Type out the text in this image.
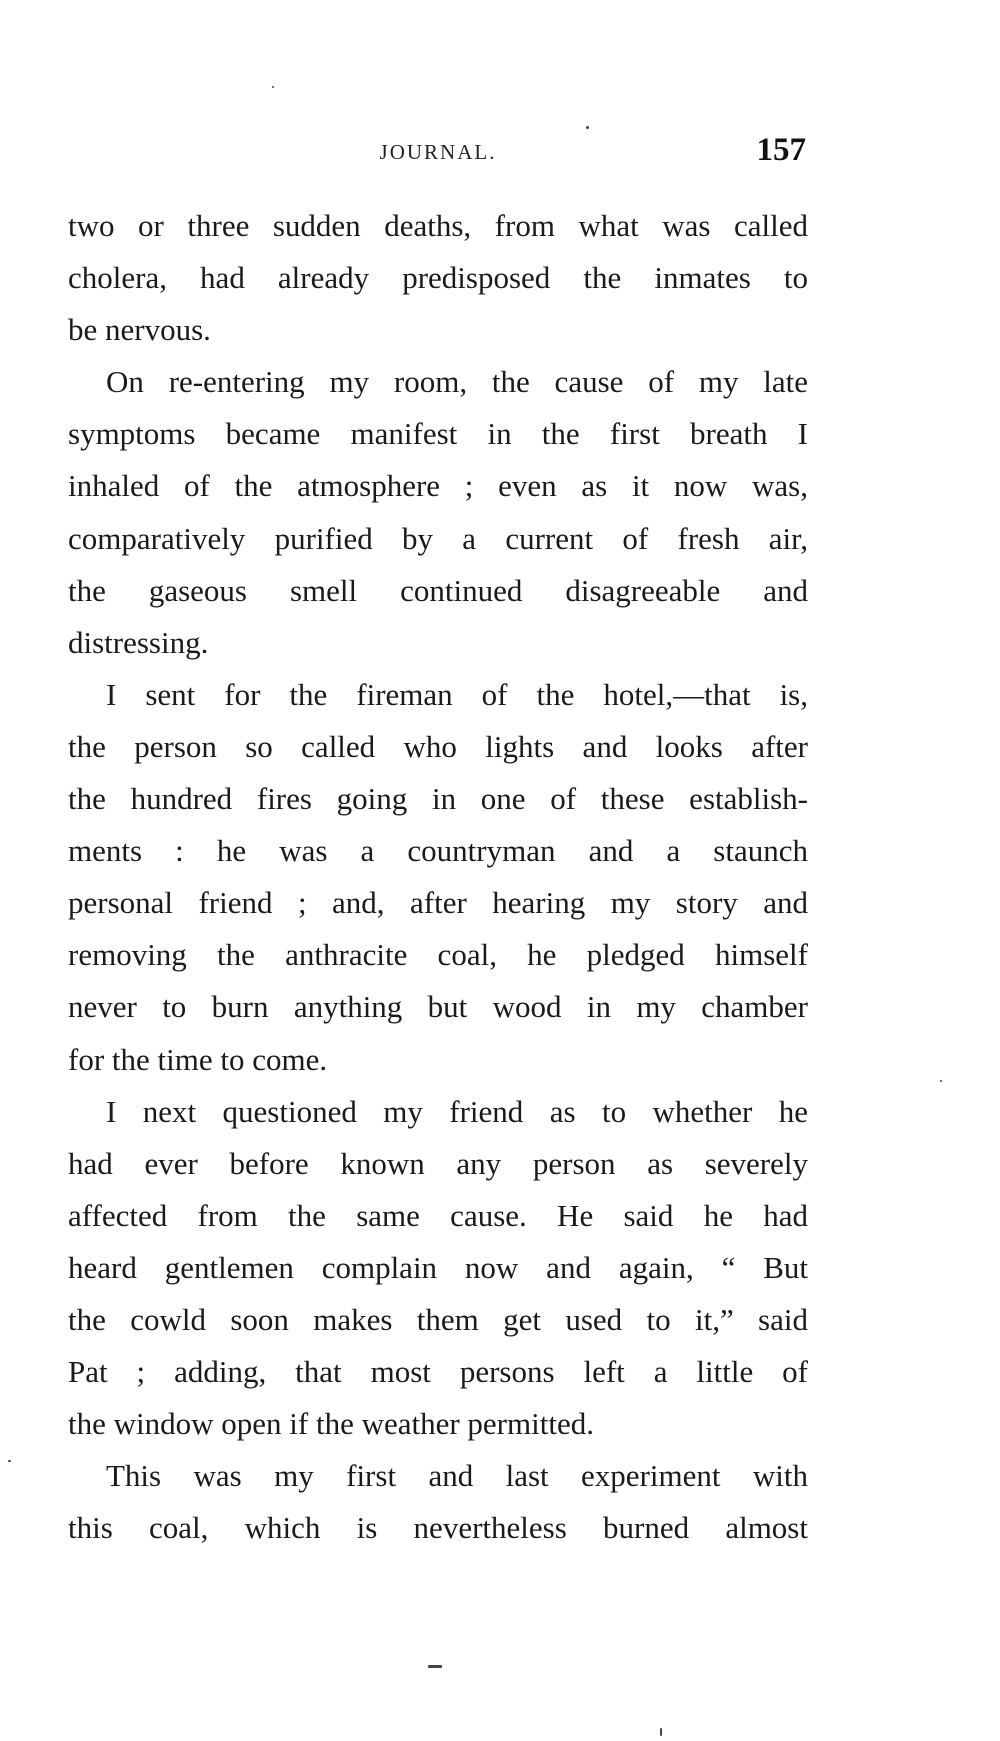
JOURNAL.	157
two or three sudden deaths, from what was called
cholera, had already predisposed the inmates to
be nervous.
On re-entering my room, the cause of my late
symptoms became manifest in the first breath I
inhaled of the atmosphere ; even as it now was,
comparatively purified by a current of fresh air,
the gaseous smell continued disagreeable and
distressing.
I sent for the fireman of the hotel,—that is,
the person so called who lights and looks after
the hundred fires going in one of these establish-
ments : he was a countryman and a staunch
personal friend ; and, after hearing my story and
removing the anthracite coal, he pledged himself
never to burn anything but wood in my chamber
for the time to come.
I next questioned my friend as to whether he
had ever before known any person as severely
affected from the same cause. He said he had
heard gentlemen complain now and again, “ But
the cowld soon makes them get used to it,” said
Pat ; adding, that most persons left a little of
the window open if the weather permitted.
This was my first and last experiment with
this coal, which is nevertheless burned almost
